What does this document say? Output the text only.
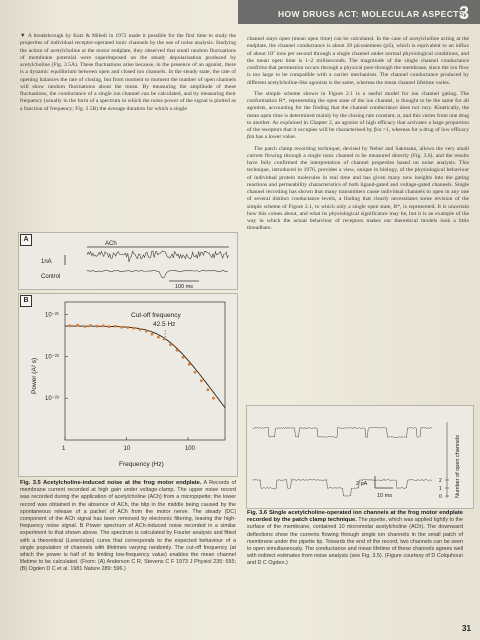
HOW DRUGS ACT: MOLECULAR ASPECTS
3

▼ A breakthrough by Katz & Miledi in 1972 made it possible for the first time to study the properties of individual receptor-operated ionic channels by the use of noise analysis. Studying the action of acetylcholine at the motor endplate, they observed that small random fluctuations of membrane potential were superimposed on the steady depolarisation produced by acetylcholine (Fig. 3.5A). These fluctuations arise because, in the presence of an agonist, there is a dynamic equilibrium between open and closed ion channels. In the steady state, the rate of opening balances the rate of closing, but from moment to moment the number of open channels will show random fluctuations about the mean. By measuring the amplitude of these fluctuations, the conductance of a single ion channel can be calculated, and by measuring their frequency (usually in the form of a spectrum in which the noise power of the signal is plotted as a function of frequency; Fig. 3.5B) the average duration for which a single

channel stays open (mean open time) can be calculated. In the case of acetylcholine acting at the endplate, the channel conductance is about 20 picosiemens (pS), which is equivalent to an influx of about 10⁷ ions per second through a single channel under normal physiological conditions, and the mean open time is 1–2 milliseconds. The magnitude of the single channel conductance confirms that permeation occurs through a physical pore through the membrane, since the ion flow is too large to be compatible with a carrier mechanism. The channel conductance produced by different acetylcholine-like agonists is the same, whereas the mean channel lifetime varies.

The simple scheme shown in Figure 2.1 is a useful model for ion channel gating. The conformation R*, representing the open state of the ion channel, is thought to be the same for all agonists, accounting for the finding that the channel conductance does not vary. Kinetically, the mean open time is determined mainly by the closing rate constant, α, and this varies from one drug to another. As explained in Chapter 2, an agonist of high efficacy that activates a large proportion of the receptors that it occupies will be characterised by β/α >1, whereas for a drug of low efficacy β/α has a lower value.

The patch clamp recording technique, devised by Neher and Sakmann, allows the very small current flowing through a single ionic channel to be measured directly (Fig. 3.6), and the results have fully confirmed the interpretation of channel properties based on noise analysis. This technique, introduced in 1976, provides a view, unique in biology, of the physiological behaviour of individual protein molecules in real time and has given many new insights into the gating reactions and permeability characteristics of both ligand-gated and voltage-gated channels. Single channel recording has shown that many transmitters cause individual channels to open in any one of several distinct conductance levels, a finding that clearly necessitates some revision of the simple scheme of Figure 2.1, to which only a single open state, R*, is represented. It is uncertain how this comes about, and what its physiological significance may be, but it is an example of the way in which the actual behaviour of receptors makes our theoretical models look a little threadbare.

A
ACh
1nA
Control
100 ms
B
10⁻²¹
10⁻²²
10⁻²³
1	10	100
Cut-off frequency
42.5 Hz
Power (A² s)
Frequency (Hz)
Fig. 3.5 Acetylcholine-induced noise at the frog motor endplate. A Records of membrane current recorded at high gain under voltage-clamp. The upper noise record was recorded during the application of acetylcholine (ACh) from a micropipette; the lower record was obtained in the absence of ACh, the blip in the middle being caused by the spontaneous release of a packet of ACh from the motor nerve. The steady (DC) component of the ACh signal has been removed by electronic filtering, leaving the high-frequency noise signal. B Power spectrum of ACh-induced noise recorded in a similar experiment to that shown above. The spectrum is calculated by Fourier analysis and fitted with a theoretical (Lorentzian) curve that corresponds to the expected behaviour of a single population of channels with lifetimes varying randomly. The cut-off frequency (at which the power is half of its limiting low-frequency value) enables the mean channel lifetime to be calculated. (From: (A) Anderson C R, Stevens C F 1973 J Physiol 235: 655; (B) Ogden D C et al. 1981 Nature 289: 596.)
2 pA
10 ms
2
1
0 Number of open channels
Fig. 3.6 Single acetylcholine-operated ion channels at the frog motor endplate recorded by the patch clamp technique. The pipette, which was applied tightly to the surface of the membrane, contained 10 micromolar acetylcholine (ACh). The downward deflections show the currents flowing through single ion channels in the small patch of membrane under the pipette tip. Towards the end of the record, two channels can be seen to open simultaneously. The conductance and mean lifetime of these channels agrees well with indirect estimates from noise analysis (see Fig. 3.5). (Figure courtesy of D Colquhoun and D C Ogden.)
31
